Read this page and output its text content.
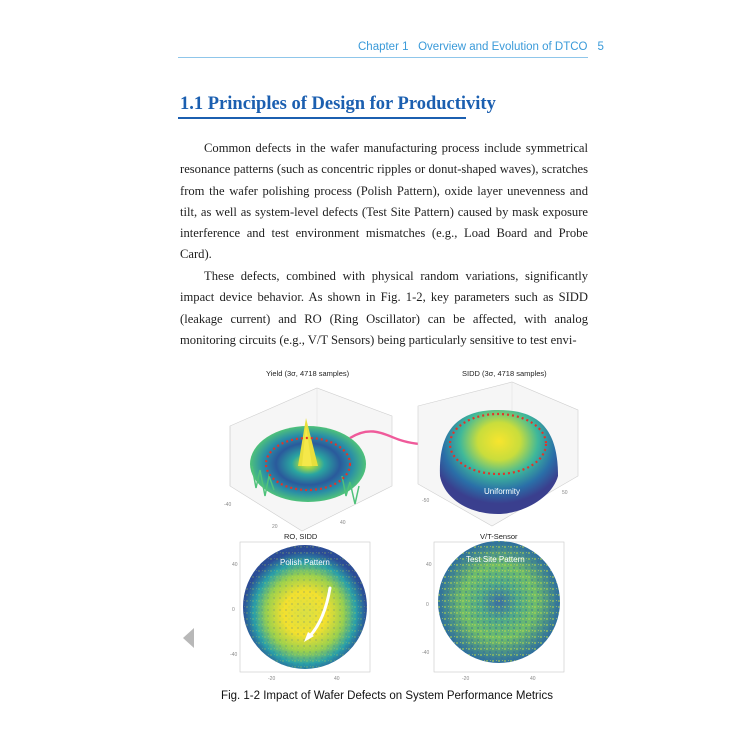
Chapter 1 Overview and Evolution of DTCO 5
1.1 Principles of Design for Productivity

Common defects in the wafer manufacturing process include symmetrical resonance patterns (such as concentric ripples or donut-shaped waves), scratches from the wafer polishing process (Polish Pattern), oxide layer unevenness and tilt, as well as system-level defects (Test Site Pattern) caused by mask exposure interference and test environment mismatches (e.g., Load Board and Probe Card).

These defects, combined with physical random variations, significantly impact device behavior. As shown in Fig. 1-2, key parameters such as SIDD (leakage current) and RO (Ring Oscillator) can be affected, with analog monitoring circuits (e.g., V/T Sensors) being particularly sensitive to test envi-

Yield (3σ, 4718 samples)
-40
20
40
SIDD (3σ, 4718 samples)
Uniformity
-50
50
RO, SIDD
Polish Pattern
40
0
-40
-20	40
V/T-Sensor
Test Site Pattern
40
0
-40
-20	40
Fig. 1-2 Impact of Wafer Defects on System Performance Metrics
